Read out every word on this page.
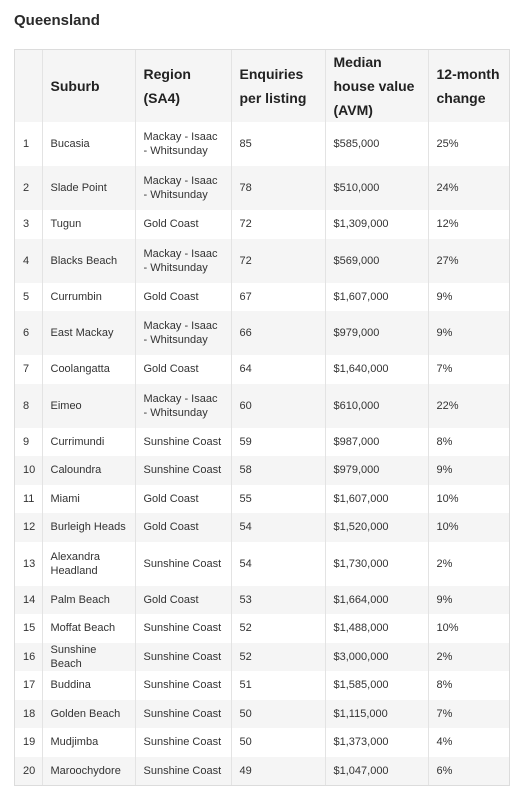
Queensland
	Suburb	Region (SA4)	Enquiries per listing	Median house value (AVM)	12-month change
1	Bucasia	Mackay - Isaac - Whitsunday	85	$585,000	25%
2	Slade Point	Mackay - Isaac - Whitsunday	78	$510,000	24%
3	Tugun	Gold Coast	72	$1,309,000	12%
4	Blacks Beach	Mackay - Isaac - Whitsunday	72	$569,000	27%
5	Currumbin	Gold Coast	67	$1,607,000	9%
6	East Mackay	Mackay - Isaac - Whitsunday	66	$979,000	9%
7	Coolangatta	Gold Coast	64	$1,640,000	7%
8	Eimeo	Mackay - Isaac - Whitsunday	60	$610,000	22%
9	Currimundi	Sunshine Coast	59	$987,000	8%
10	Caloundra	Sunshine Coast	58	$979,000	9%
11	Miami	Gold Coast	55	$1,607,000	10%
12	Burleigh Heads	Gold Coast	54	$1,520,000	10%
13	Alexandra Headland	Sunshine Coast	54	$1,730,000	2%
14	Palm Beach	Gold Coast	53	$1,664,000	9%
15	Moffat Beach	Sunshine Coast	52	$1,488,000	10%
16	Sunshine Beach	Sunshine Coast	52	$3,000,000	2%
17	Buddina	Sunshine Coast	51	$1,585,000	8%
18	Golden Beach	Sunshine Coast	50	$1,115,000	7%
19	Mudjimba	Sunshine Coast	50	$1,373,000	4%
20	Maroochydore	Sunshine Coast	49	$1,047,000	6%
